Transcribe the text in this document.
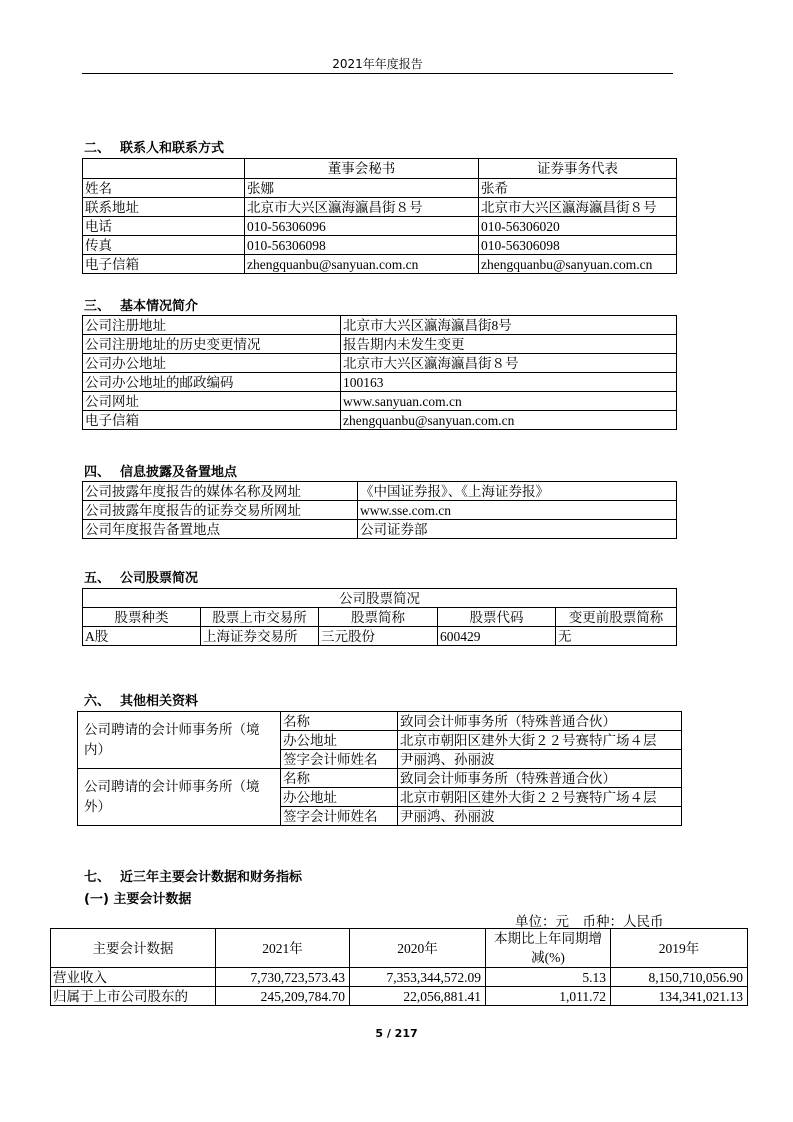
2021年年度报告
二、 联系人和联系方式
	董事会秘书	证券事务代表
姓名	张娜	张希
联系地址	北京市大兴区瀛海瀛昌街８号	北京市大兴区瀛海瀛昌街８号
电话	010-56306096	010-56306020
传真	010-56306098	010-56306098
电子信箱	zhengquanbu@sanyuan.com.cn	zhengquanbu@sanyuan.com.cn
三、 基本情况简介
公司注册地址	北京市大兴区瀛海瀛昌街8号
公司注册地址的历史变更情况	报告期内未发生变更
公司办公地址	北京市大兴区瀛海瀛昌街８号
公司办公地址的邮政编码	100163
公司网址	www.sanyuan.com.cn
电子信箱	zhengquanbu@sanyuan.com.cn
四、 信息披露及备置地点
公司披露年度报告的媒体名称及网址	《中国证券报》、《上海证券报》
公司披露年度报告的证券交易所网址	www.sse.com.cn
公司年度报告备置地点	公司证券部
五、 公司股票简况
公司股票简况				
股票种类	股票上市交易所	股票简称	股票代码	变更前股票简称
A股	上海证券交易所	三元股份	600429	无
六、 其他相关资料
公司聘请的会计师事务所（境内）	名称	致同会计师事务所（特殊普通合伙）
	办公地址	北京市朝阳区建外大街２２号赛特广场４层
	签字会计师姓名	尹丽鸿、孙丽波
公司聘请的会计师事务所（境外）	名称	致同会计师事务所（特殊普通合伙）
	办公地址	北京市朝阳区建外大街２２号赛特广场４层
	签字会计师姓名	尹丽鸿、孙丽波
七、 近三年主要会计数据和财务指标
(一) 主要会计数据
单位：元　币种：人民币
主要会计数据	2021年	2020年	本期比上年同期增减(%)	2019年
营业收入	7,730,723,573.43	7,353,344,572.09	5.13	8,150,710,056.90
归属于上市公司股东的	245,209,784.70	22,056,881.41	1,011.72	134,341,021.13
5 / 217
